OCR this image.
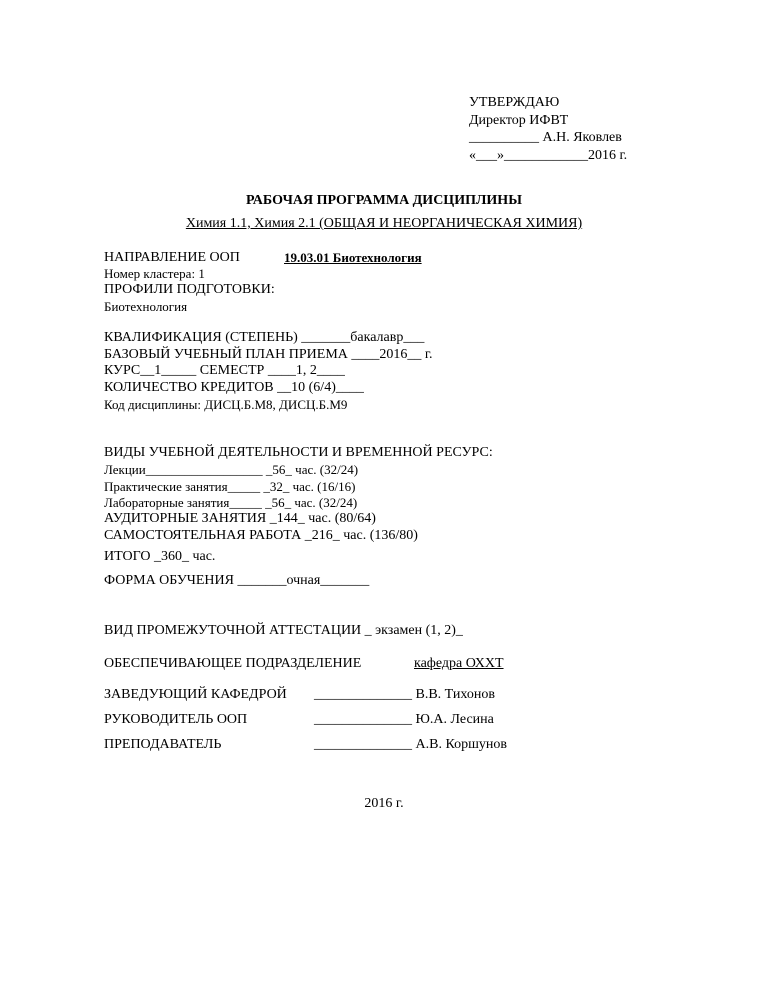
УТВЕРЖДАЮ
Директор ИФВТ
__________ А.Н. Яковлев
«___»____________2016 г.
РАБОЧАЯ ПРОГРАММА ДИСЦИПЛИНЫ
Химия 1.1, Химия 2.1 (ОБЩАЯ И НЕОРГАНИЧЕСКАЯ ХИМИЯ)
НАПРАВЛЕНИЕ ООП	19.03.01 Биотехнология
Номер кластера: 1
ПРОФИЛИ ПОДГОТОВКИ:
Биотехнология
КВАЛИФИКАЦИЯ (СТЕПЕНЬ) _______бакалавр___
БАЗОВЫЙ УЧЕБНЫЙ ПЛАН ПРИЕМА ____2016__ г.
КУРС__1_____ СЕМЕСТР ____1, 2____
КОЛИЧЕСТВО КРЕДИТОВ __10 (6/4)____
Код дисциплины: ДИСЦ.Б.М8, ДИСЦ.Б.М9
ВИДЫ УЧЕБНОЙ ДЕЯТЕЛЬНОСТИ И ВРЕМЕННОЙ РЕСУРС:
Лекции__________________ _56_ час. (32/24)
Практические занятия_____ _32_ час. (16/16)
Лабораторные занятия_____ _56_ час. (32/24)
АУДИТОРНЫЕ ЗАНЯТИЯ _144_ час. (80/64)
САМОСТОЯТЕЛЬНАЯ РАБОТА _216_ час. (136/80)
ИТОГО _360_ час.
ФОРМА ОБУЧЕНИЯ _______очная_______
ВИД ПРОМЕЖУТОЧНОЙ АТТЕСТАЦИИ _ экзамен (1, 2)_
ОБЕСПЕЧИВАЮЩЕЕ ПОДРАЗДЕЛЕНИЕ	кафедра ОХХТ
ЗАВЕДУЮЩИЙ КАФЕДРОЙ ______________ В.В. Тихонов
РУКОВОДИТЕЛЬ ООП	______________ Ю.А. Лесина
ПРЕПОДАВАТЕЛЬ	______________ А.В. Коршунов
2016 г.
